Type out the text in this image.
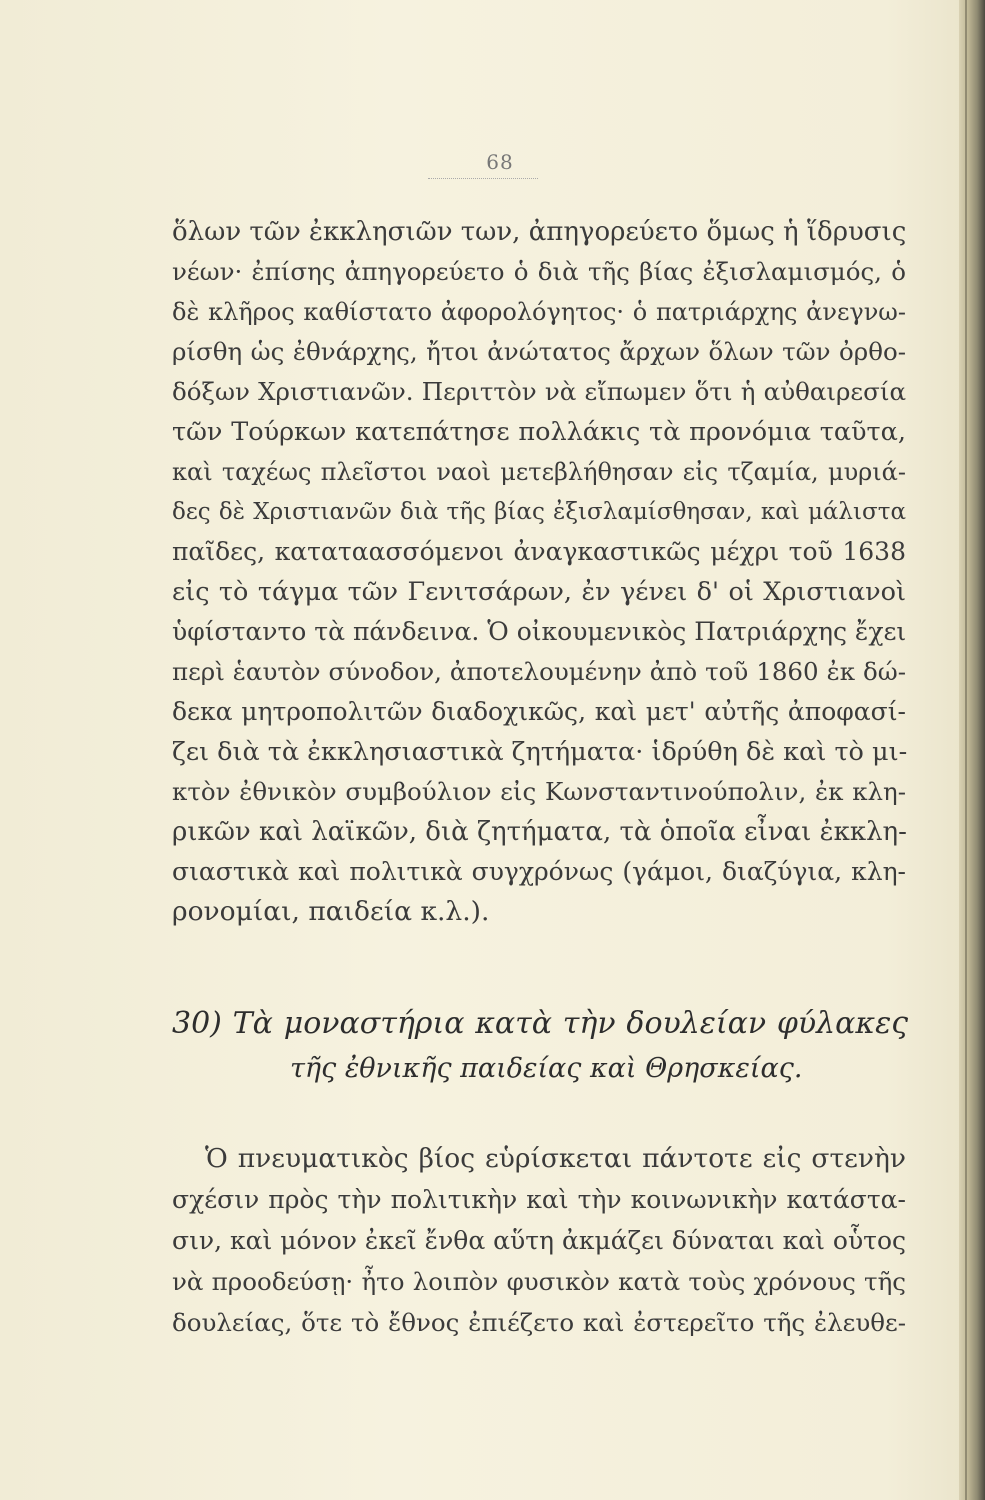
68
ὅλων τῶν ἐκκλησιῶν των, ἀπηγορεύετο ὅμως ἡ ἵδρυσις
νέων· ἐπίσης ἀπηγορεύετο ὁ διὰ τῆς βίας ἐξισλαμισμός, ὁ
δὲ κλῆρος καθίστατο ἀφορολόγητος· ὁ πατριάρχης ἀνεγνω-
ρίσθη ὡς ἐθνάρχης, ἤτοι ἀνώτατος ἄρχων ὅλων τῶν ὀρθο-
δόξων Χριστιανῶν. Περιττὸν νὰ εἴπωμεν ὅτι ἡ αὐθαιρεσία
τῶν Τούρκων κατεπάτησε πολλάκις τὰ προνόμια ταῦτα,
καὶ ταχέως πλεῖστοι ναοὶ μετεβλήθησαν εἰς τζαμία, μυριά-
δες δὲ Χριστιανῶν διὰ τῆς βίας ἐξισλαμίσθησαν, καὶ μάλιστα
παῖδες, καταταασσόμενοι ἀναγκαστικῶς μέχρι τοῦ 1638
εἰς τὸ τάγμα τῶν Γενιτσάρων, ἐν γένει δ' οἱ Χριστιανοὶ
ὑφίσταντο τὰ πάνδεινα. Ὁ οἰκουμενικὸς Πατριάρχης ἔχει
περὶ ἑαυτὸν σύνοδον, ἀποτελουμένην ἀπὸ τοῦ 1860 ἐκ δώ-
δεκα μητροπολιτῶν διαδοχικῶς, καὶ μετ' αὐτῆς ἀποφασί-
ζει διὰ τὰ ἐκκλησιαστικὰ ζητήματα· ἱδρύθη δὲ καὶ τὸ μι-
κτὸν ἐθνικὸν συμβούλιον εἰς Κωνσταντινούπολιν, ἐκ κλη-
ρικῶν καὶ λαϊκῶν, διὰ ζητήματα, τὰ ὁποῖα εἶναι ἐκκλη-
σιαστικὰ καὶ πολιτικὰ συγχρόνως (γάμοι, διαζύγια, κλη-
ρονομίαι, παιδεία κ.λ.).
30) Τὰ μοναστήρια κατὰ τὴν δουλείαν φύλακες
τῆς ἐθνικῆς παιδείας καὶ Θρησκείας.
Ὁ πνευματικὸς βίος εὑρίσκεται πάντοτε εἰς στενὴν
σχέσιν πρὸς τὴν πολιτικὴν καὶ τὴν κοινωνικὴν κατάστα-
σιν, καὶ μόνον ἐκεῖ ἔνθα αὕτη ἀκμάζει δύναται καὶ οὗτος
νὰ προοδεύσῃ· ἦτο λοιπὸν φυσικὸν κατὰ τοὺς χρόνους τῆς
δουλείας, ὅτε τὸ ἔθνος ἐπιέζετο καὶ ἐστερεῖτο τῆς ἐλευθε-
